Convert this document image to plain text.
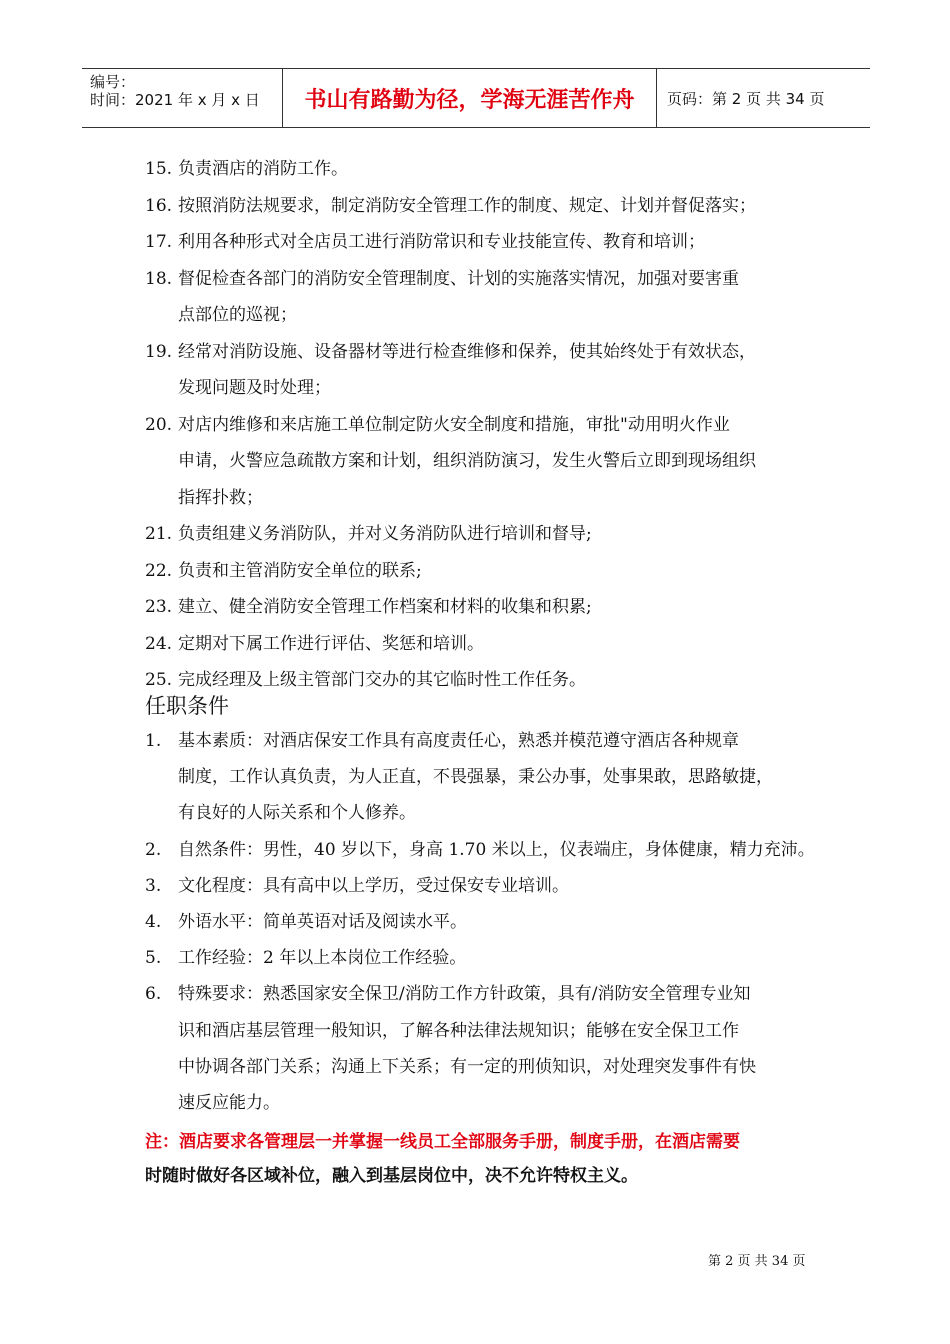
编号：
时间：2021 年 x 月 x 日	书山有路勤为径，学海无涯苦作舟	页码：第 2 页 共 34 页
15. 负责酒店的消防工作。
16. 按照消防法规要求，制定消防安全管理工作的制度、规定、计划并督促落实；
17. 利用各种形式对全店员工进行消防常识和专业技能宣传、教育和培训；
18. 督促检查各部门的消防安全管理制度、计划的实施落实情况，加强对要害重
点部位的巡视；
19. 经常对消防设施、设备器材等进行检查维修和保养，使其始终处于有效状态，
发现问题及时处理；
20. 对店内维修和来店施工单位制定防火安全制度和措施，审批"动用明火作业
申请，火警应急疏散方案和计划，组织消防演习，发生火警后立即到现场组织
指挥扑救；
21. 负责组建义务消防队，并对义务消防队进行培训和督导;
22. 负责和主管消防安全单位的联系;
23. 建立、健全消防安全管理工作档案和材料的收集和积累;
24. 定期对下属工作进行评估、奖惩和培训。
25. 完成经理及上级主管部门交办的其它临时性工作任务。
任职条件
1. 基本素质：对酒店保安工作具有高度责任心，熟悉并模范遵守酒店各种规章
制度，工作认真负责，为人正直，不畏强暴，秉公办事，处事果敢，思路敏捷，
有良好的人际关系和个人修养。
2. 自然条件：男性，40 岁以下，身高 1.70 米以上，仪表端庄，身体健康，精力充沛。
3. 文化程度：具有高中以上学历，受过保安专业培训。
4. 外语水平：简单英语对话及阅读水平。
5. 工作经验：2 年以上本岗位工作经验。
6. 特殊要求：熟悉国家安全保卫/消防工作方针政策，具有/消防安全管理专业知
识和酒店基层管理一般知识，了解各种法律法规知识；能够在安全保卫工作
中协调各部门关系；沟通上下关系；有一定的刑侦知识，对处理突发事件有快
速反应能力。
注：酒店要求各管理层一并掌握一线员工全部服务手册，制度手册，在酒店需要
时随时做好各区域补位，融入到基层岗位中，决不允许特权主义。
第 2 页 共 34 页
